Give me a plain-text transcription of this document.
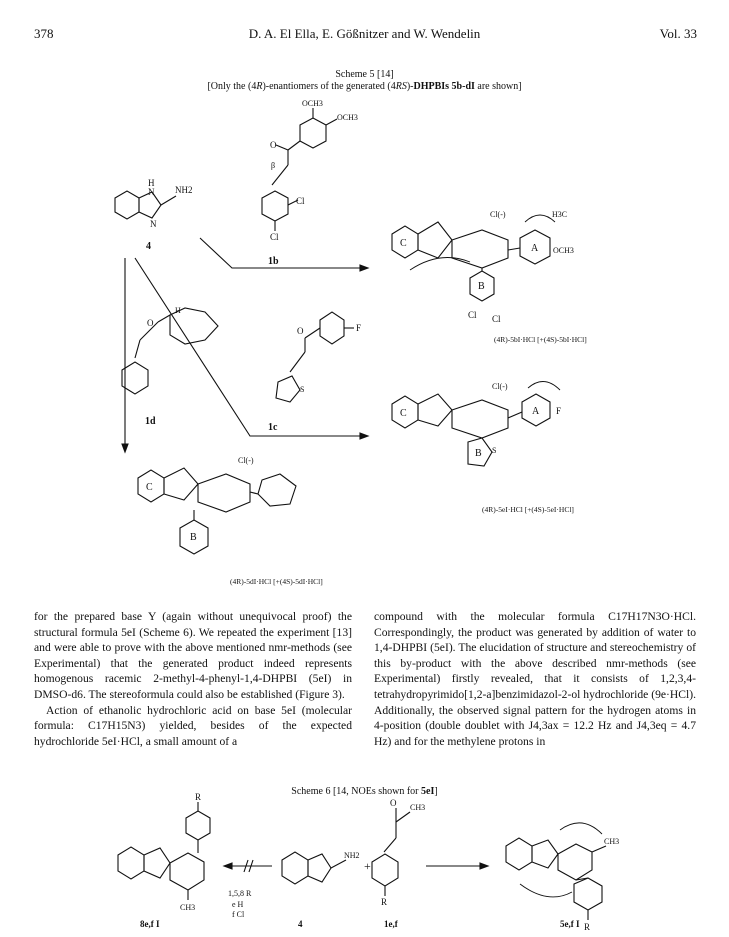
378	D. A. El Ella, E. Gößnitzer and W. Wendelin	Vol. 33
Scheme 5 [14]
[Only the (4R)-enantiomers of the generated (4RS)-DHPBIs 5b-dI are shown]
H
N NH2
N
4
OCH3
OCH3
O
β
Cl
Cl
1b
C	A
B
Cl(-)	H3C
OCH3
Cl Cl
(4R)-5bI·HCl [+(4S)-5bI·HCl]
O
H
1d
O	F
S
1c
C	A
B
Cl(-)
F
S
(4R)-5eI·HCl [+(4S)-5eI·HCl]
C
B
Cl(-)
(4R)-5dI·HCl [+(4S)-5dI·HCl]

for the prepared base Y (again without unequivocal proof) the structural formula 5eI (Scheme 6). We repeated the experiment [13] and were able to prove with the above mentioned nmr-methods (see Experimental) that the generated product indeed represents homogenous racemic 2-methyl-4-phenyl-1,4-DHPBI (5eI) in DMSO-d6. The stereoformula could also be established (Figure 3).

Action of ethanolic hydrochloric acid on base 5eI (molecular formula: C17H15N3) yielded, besides of the expected hydrochloride 5eI·HCl, a small amount of a

compound with the molecular formula C17H17N3O·HCl. Correspondingly, the product was generated by addition of water to 1,4-DHPBI (5eI). The elucidation of structure and stereochemistry of this by-product with the above described nmr-methods (see Experimental) firstly revealed, that it consists of 1,2,3,4-tetrahydropyrimido[1,2-a]benzimidazol-2-ol hydrochloride (9e·HCl). Additionally, the observed signal pattern for the hydrogen atoms in 4-position (double doublet with J4,3ax = 12.2 Hz and J4,3eq = 4.7 Hz) and for the methylene protons in

Scheme 6 [14, NOEs shown for 5eI]
R
CH3
8e,f I
1,5,8 R
e H
f Cl
NH2
4
+
O CH3
R
1e,f
CH3
R
5e,f I
